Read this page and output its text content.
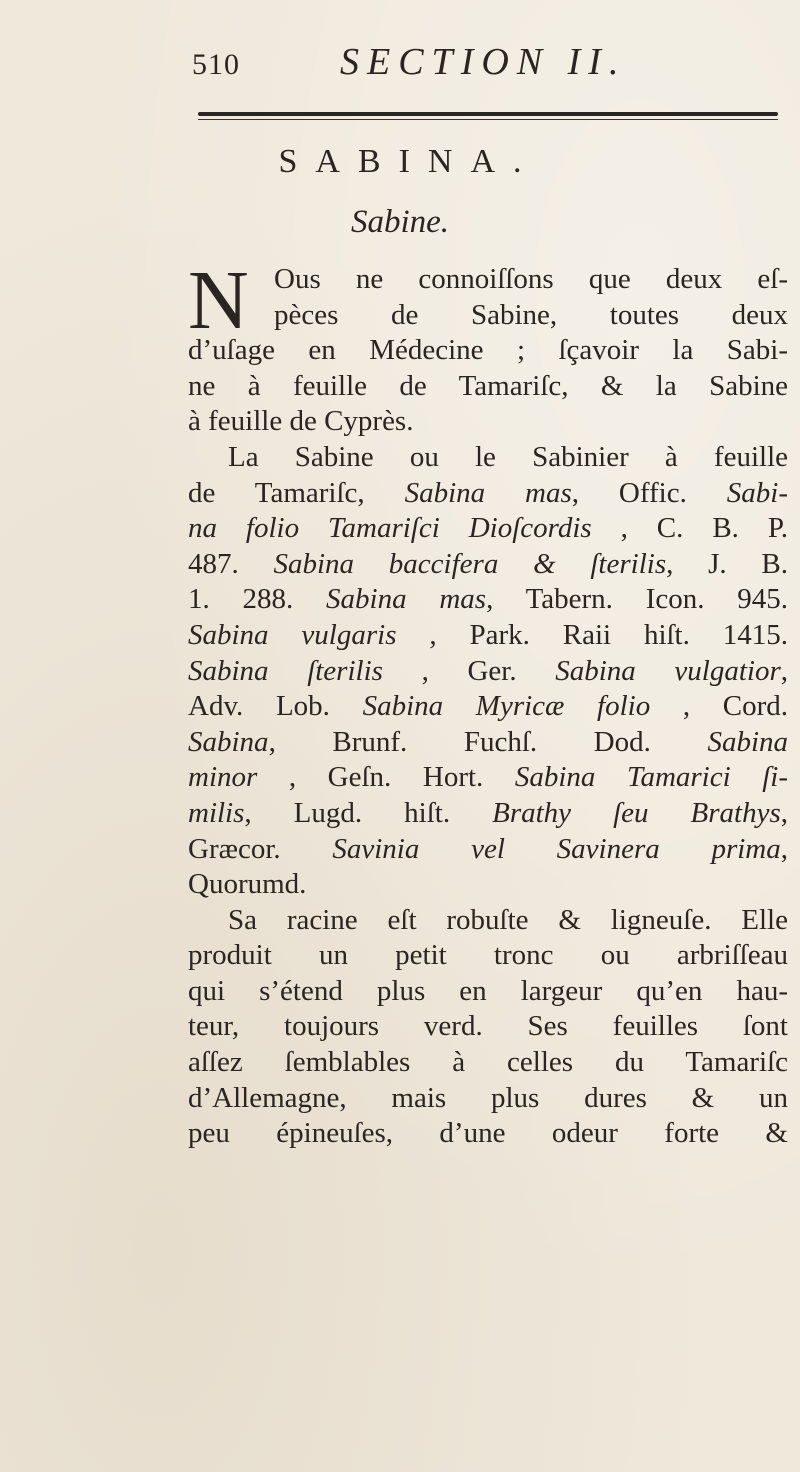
510	SECTION II.
SABINA.
Sabine.
N Ous ne connoiſſons que deux eſ-
pèces de Sabine, toutes deux
d’uſage en Médecine ; ſçavoir la Sabi-
ne à feuille de Tamariſc, & la Sabine
à feuille de Cyprès.
La Sabine ou le Sabinier à feuille
de Tamariſc, Sabina mas, Offic. Sabi-
na folio Tamariſci Dioſcordis , C. B. P.
487. Sabina baccifera & ſterilis, J. B.
1. 288. Sabina mas, Tabern. Icon. 945.
Sabina vulgaris , Park. Raii hiſt. 1415.
Sabina ſterilis , Ger. Sabina vulgatior,
Adv. Lob. Sabina Myricæ folio , Cord.
Sabina, Brunf. Fuchſ. Dod. Sabina
minor , Geſn. Hort. Sabina Tamarici ſi-
milis, Lugd. hiſt. Brathy ſeu Brathys,
Græcor. Savinia vel Savinera prima,
Quorumd.
Sa racine eſt robuſte & ligneuſe. Elle
produit un petit tronc ou arbriſſeau
qui s’étend plus en largeur qu’en hau-
teur, toujours verd. Ses feuilles ſont
aſſez ſemblables à celles du Tamariſc
d’Allemagne, mais plus dures & un
peu épineuſes, d’une odeur forte &
